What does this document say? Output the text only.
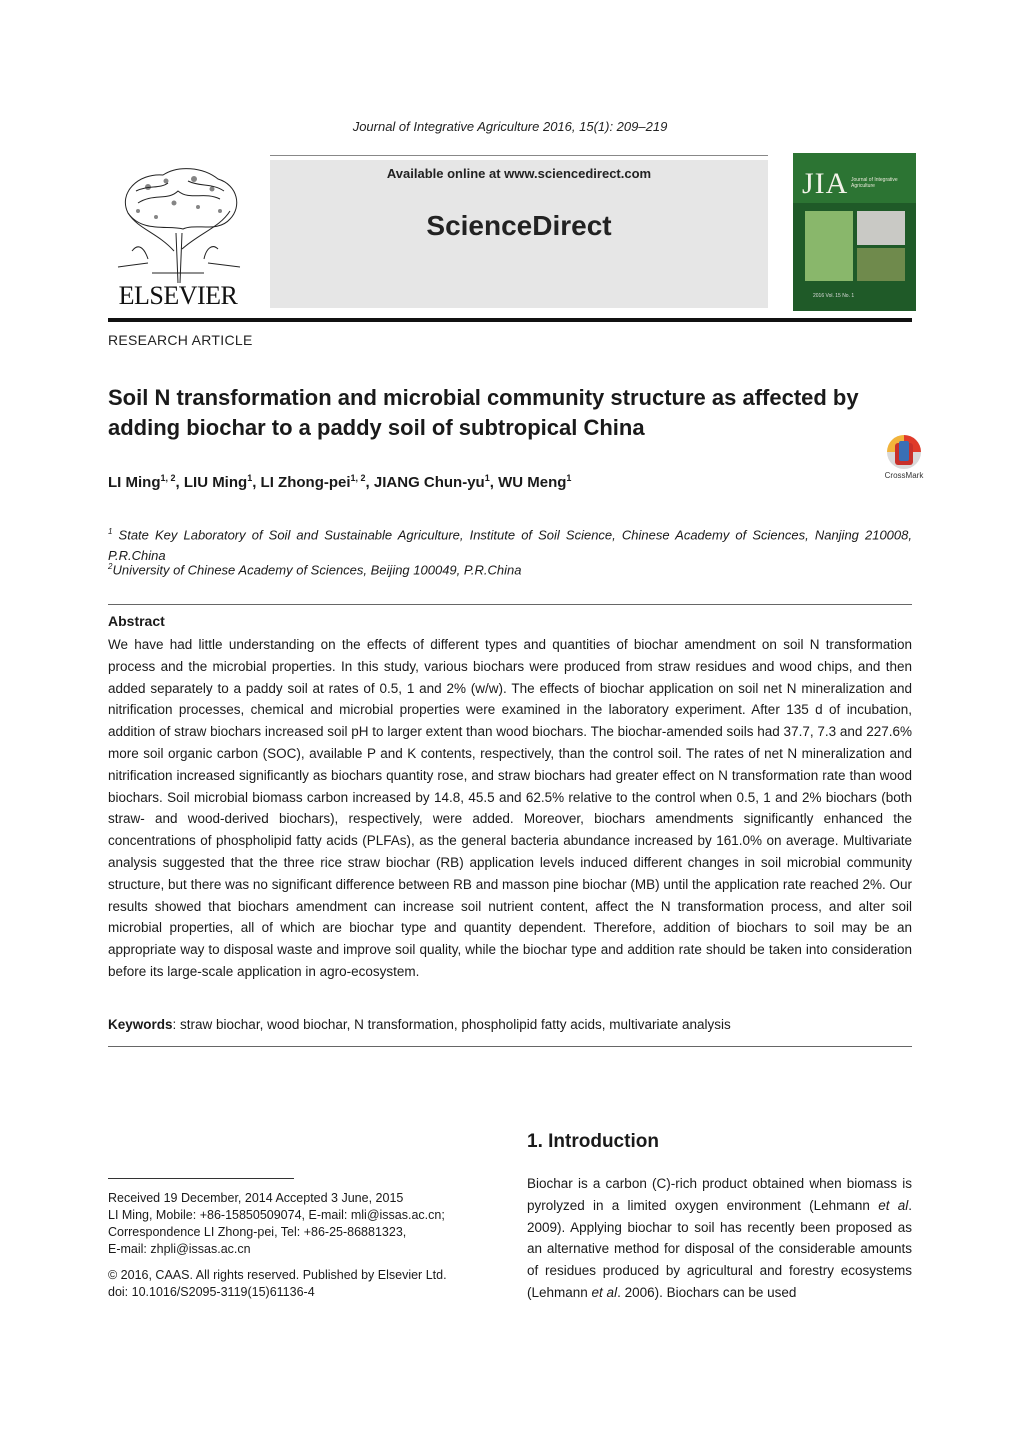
Journal of Integrative Agriculture 2016, 15(1): 209–219
ELSEVIER
Available online at www.sciencedirect.com
ScienceDirect
JIA Journal of Integrative Agriculture
2016 Vol. 15 No. 1
RESEARCH ARTICLE
Soil N transformation and microbial community structure as affected by adding biochar to a paddy soil of subtropical China
CrossMark
LI Ming$^{1, 2}$, LIU Ming$^1$, LI Zhong-pei$^{1, 2}$, JIANG Chun-$yu^1$, WU Meng$^1$
$^1$ State Key Laboratory of Soil and Sustainable Agriculture, Institute of Soil Science, Chinese Academy of Sciences, Nanjing 210008, P.R.China
$^2$University of Chinese Academy of Sciences, Beijing 100049, P.R.China
Abstract
We have had little understanding on the effects of different types and quantities of biochar amendment on soil N transformation process and the microbial properties. In this study, various biochars were produced from straw residues and wood chips, and then added separately to a paddy soil at rates of 0.5, 1 and 2% (w/w). The effects of biochar application on soil net N mineralization and nitrification processes, chemical and microbial properties were examined in the laboratory experiment. After 135 d of incubation, addition of straw biochars increased soil pH to larger extent than wood biochars. The biochar-amended soils had 37.7, 7.3 and 227.6% more soil organic carbon (SOC), available P and K contents, respectively, than the control soil. The rates of net N mineralization and nitrification increased significantly as biochars quantity rose, and straw biochars had greater effect on N transformation rate than wood biochars. Soil microbial biomass carbon increased by 14.8, 45.5 and 62.5% relative to the control when 0.5, 1 and 2% biochars (both straw- and wood-derived biochars), respectively, were added. Moreover, biochars amendments significantly enhanced the concentrations of phospholipid fatty acids (PLFAs), as the general bacteria abundance increased by 161.0% on average. Multivariate analysis suggested that the three rice straw biochar (RB) application levels induced different changes in soil microbial community structure, but there was no significant difference between RB and masson pine biochar (MB) until the application rate reached 2%. Our results showed that biochars amendment can increase soil nutrient content, affect the N transformation process, and alter soil microbial properties, all of which are biochar type and quantity dependent. Therefore, addition of biochars to soil may be an appropriate way to disposal waste and improve soil quality, while the biochar type and addition rate should be taken into consideration before its large-scale application in agro-ecosystem.
Keywords: straw biochar, wood biochar, N transformation, phospholipid fatty acids, multivariate analysis
1. Introduction
Biochar is a carbon (C)-rich product obtained when biomass is pyrolyzed in a limited oxygen environment (Lehmann et al. 2009). Applying biochar to soil has recently been proposed as an alternative method for disposal of the considerable amounts of residues produced by agricultural and forestry ecosystems (Lehmann et al. 2006). Biochars can be used
Received 19 December, 2014 Accepted 3 June, 2015
LI Ming, Mobile: +86-15850509074, E-mail: mli@issas.ac.cn;
Correspondence LI Zhong-pei, Tel: +86-25-86881323,
E-mail: zhpli@issas.ac.cn
© 2016, CAAS. All rights reserved. Published by Elsevier Ltd.
doi: 10.1016/S2095-3119(15)61136-4
